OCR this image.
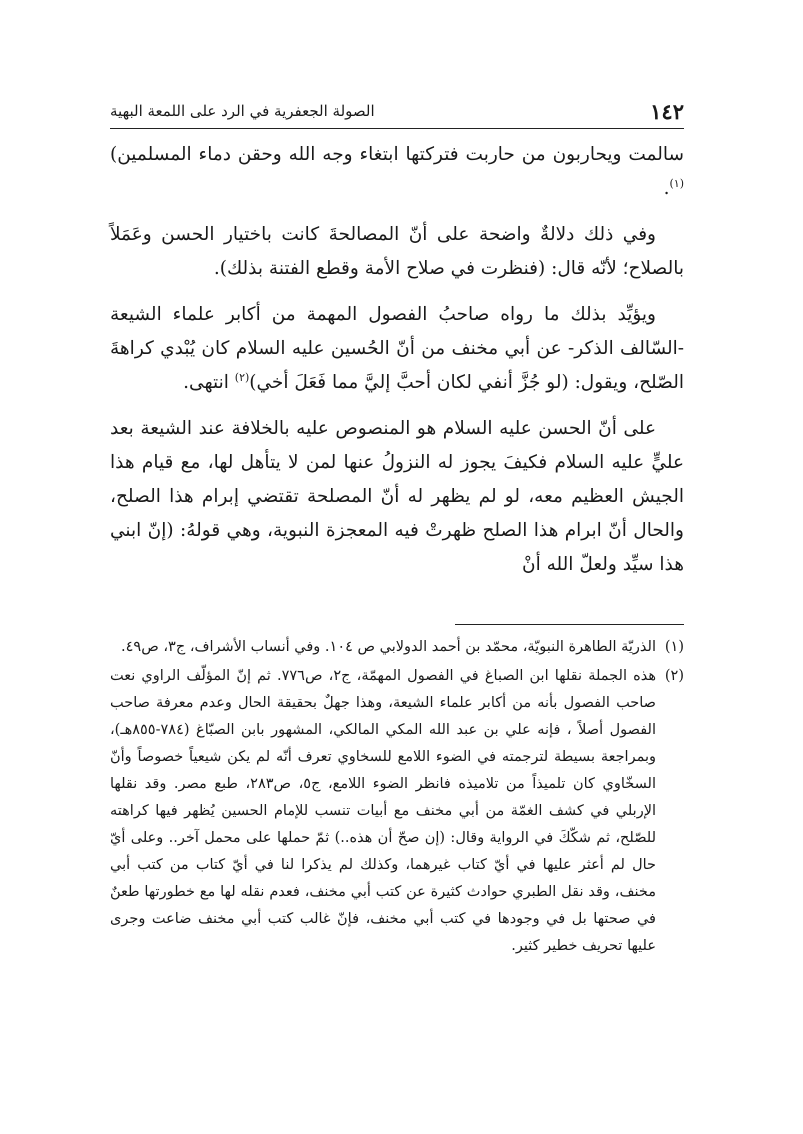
١٤٢
الصولة الجعفرية في الرد على اللمعة البهية

سالمت ويحاربون من حاربت فتركتها ابتغاء وجه الله وحقن دماء المسلمين)$^{(١)}$.

وفي ذلك دلالةٌ واضحة على أنّ المصالحةَ كانت باختيار الحسن وعَمَلاً بالصلاح؛ لأنّه قال: (فنظرت في صلاح الأمة وقطع الفتنة بذلك).

ويؤيِّد بذلك ما رواه صاحبُ الفصول المهمة من أكابر علماء الشيعة -السّالف الذكر- عن أبي مخنف من أنّ الحُسين عليه السلام كان يُبْدي كراهةَ الصّلح، ويقول: (لو جُزَّ أنفي لكان أحبَّ إليَّ مما فَعَلَ أخي)$^{(٢)}$ انتهى.

على أنّ الحسن عليه السلام هو المنصوص عليه بالخلافة عند الشيعة بعد عليٍّ عليه السلام فكيفَ يجوز له النزولُ عنها لمن لا يتأهل لها، مع قيام هذا الجيش العظيم معه، لو لم يظهر له أنّ المصلحة تقتضي إبرام هذا الصلح، والحال أنّ ابرام هذا الصلح ظهرتْ فيه المعجزة النبوية، وهي قولهُ: (إنّ ابني هذا سيِّد ولعلّ الله أنْ

(١)
الذريّة الطاهرة النبويّة، محمّد بن أحمد الدولابي ص ١٠٤. وفي أنساب الأشراف، ج٣، ص٤٩.
(٢)
هذه الجملة نقلها ابن الصباغ في الفصول المهمّة، ج٢، ص٧٧٦. ثم إنّ المؤلّف الراوي نعت صاحب الفصول بأنه من أكابر علماء الشيعة، وهذا جهلٌ بحقيقة الحال وعدم معرفة صاحب الفصول أصلاً ، فإنه علي بن عبد الله المكي المالكي، المشهور بابن الصبّاغ (٧٨٤-٨٥٥هـ)، وبمراجعة بسيطة لترجمته في الضوء اللامع للسخاوي تعرف أنّه لم يكن شيعياً خصوصاً وأنّ السخّاوي كان تلميذاً من تلاميذه فانظر الضوء اللامع، ج٥، ص٢٨٣، طبع مصر. وقد نقلها الإربلي في كشف الغمّة من أبي مخنف مع أبيات تنسب للإمام الحسين يُظهر فيها كراهته للصّلح، ثم شكّكَ في الرواية وقال: (إن صحّ أن هذه..) ثمّ حملها على محمل آخر.. وعلى أيّ حال لم أعثر عليها في أيّ كتاب غيرهما، وكذلك لم يذكرا لنا في أيّ كتاب من كتب أبي مخنف، وقد نقل الطبري حوادث كثيرة عن كتب أبي مخنف، فعدم نقله لها مع خطورتها طعنٌ في صحتها بل في وجودها في كتب أبي مخنف، فإنّ غالب كتب أبي مخنف ضاعت وجرى عليها تحريف خطير كثير.
